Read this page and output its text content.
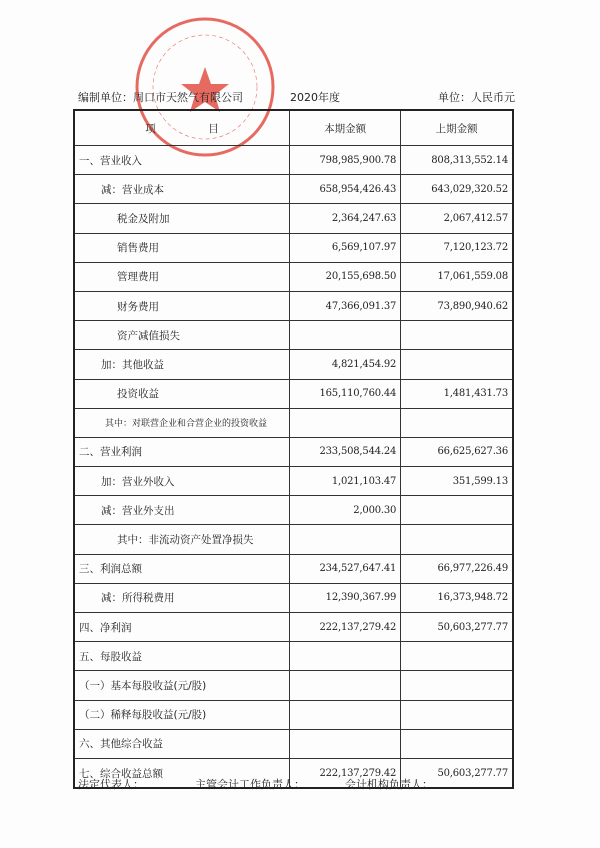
编制单位：周口市天然气有限公司	2020年度	单位：人民币元
项　　　　　目	本期金额	上期金额
一、营业收入	798,985,900.78	808,313,552.14
减：营业成本	658,954,426.43	643,029,320.52
税金及附加	2,364,247.63	2,067,412.57
销售费用	6,569,107.97	7,120,123.72
管理费用	20,155,698.50	17,061,559.08
财务费用	47,366,091.37	73,890,940.62
资产减值损失		
加：其他收益	4,821,454.92	
投资收益	165,110,760.44	1,481,431.73
其中：对联营企业和合营企业的投资收益		
二、营业利润	233,508,544.24	66,625,627.36
加：营业外收入	1,021,103.47	351,599.13
减：营业外支出	2,000.30	
其中：非流动资产处置净损失		
三、利润总额	234,527,647.41	66,977,226.49
减：所得税费用	12,390,367.99	16,373,948.72
四、净利润	222,137,279.42	50,603,277.77
五、每股收益		
（一）基本每股收益(元/股)		
（二）稀释每股收益(元/股)		
六、其他综合收益		
七、综合收益总额	222,137,279.42	50,603,277.77
法定代表人：	主管会计工作负责人：	会计机构负责人：
